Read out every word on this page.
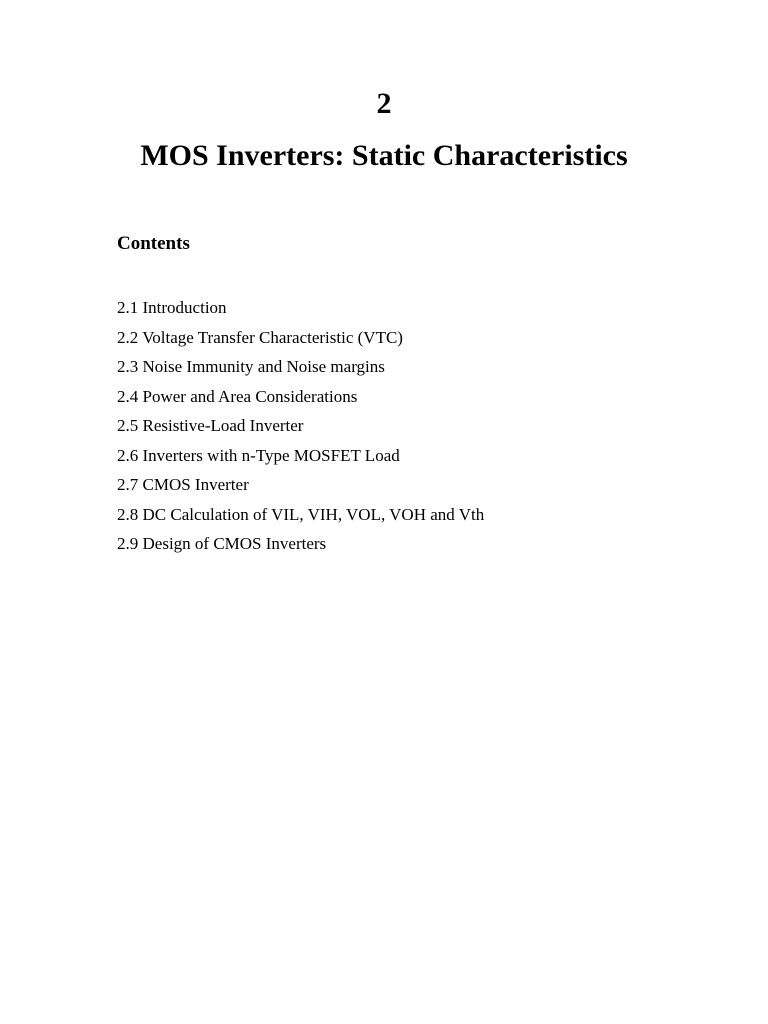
2
MOS Inverters: Static Characteristics
Contents
2.1 Introduction
2.2 Voltage Transfer Characteristic (VTC)
2.3 Noise Immunity and Noise margins
2.4 Power and Area Considerations
2.5 Resistive-Load Inverter
2.6 Inverters with n-Type MOSFET Load
2.7 CMOS Inverter
2.8 DC Calculation of VIL, VIH, VOL, VOH and Vth
2.9 Design of CMOS Inverters
